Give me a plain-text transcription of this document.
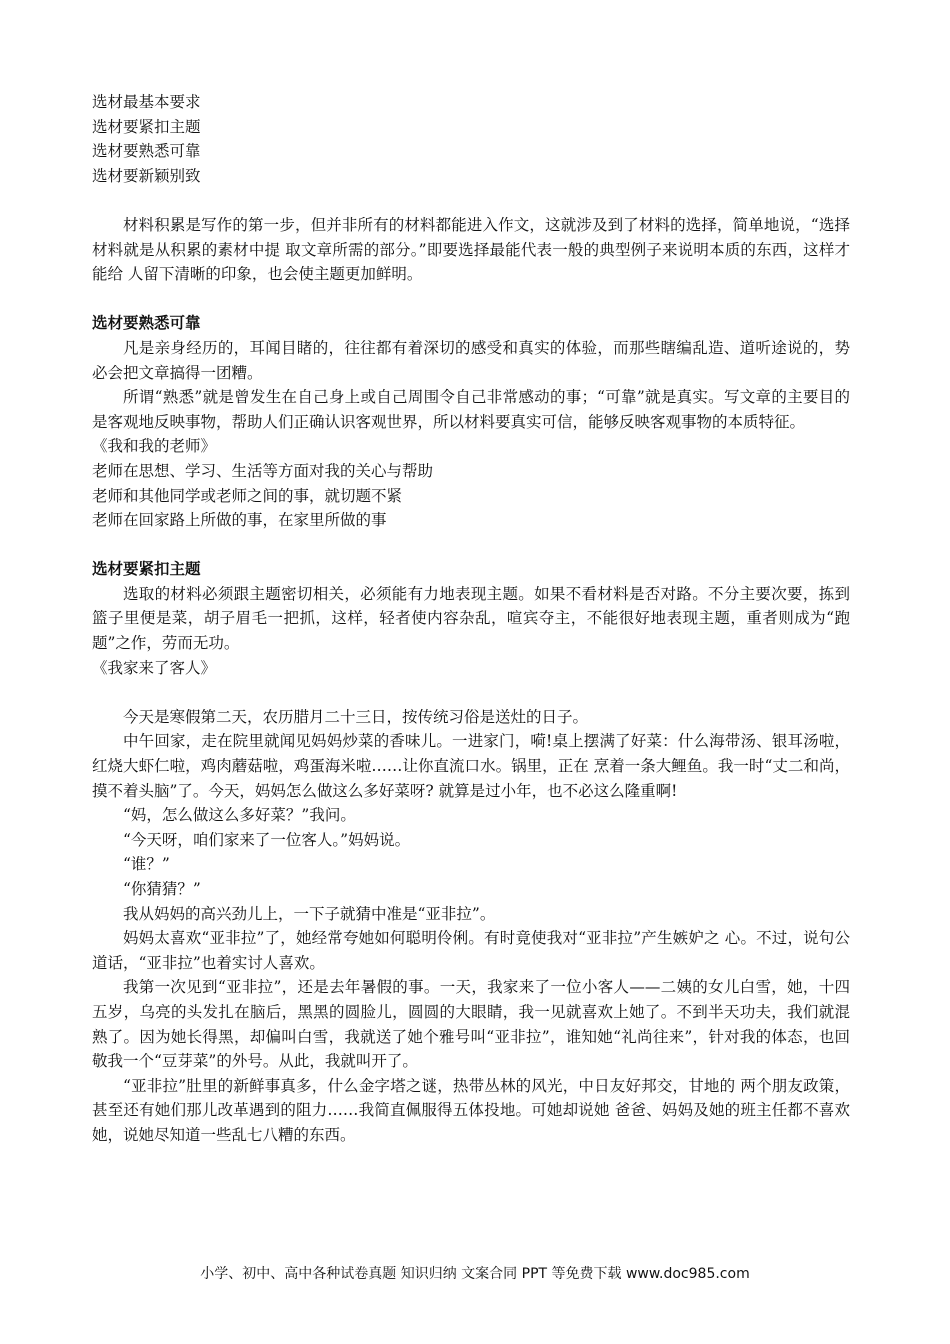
选材最基本要求

选材要紧扣主题

选材要熟悉可靠

选材要新颖别致

材料积累是写作的第一步，但并非所有的材料都能进入作文，这就涉及到了材料的选择，简单地说，“选择材料就是从积累的素材中提 取文章所需的部分。”即要选择最能代表一般的典型例子来说明本质的东西，这样才能给 人留下清晰的印象，也会使主题更加鲜明。

选材要熟悉可靠

凡是亲身经历的，耳闻目睹的，往往都有着深切的感受和真实的体验，而那些瞎编乱造、道听途说的，势必会把文章搞得一团糟。

所谓“熟悉”就是曾发生在自己身上或自己周围令自己非常感动的事；“可靠”就是真实。写文章的主要目的是客观地反映事物，帮助人们正确认识客观世界，所以材料要真实可信，能够反映客观事物的本质特征。

《我和我的老师》

老师在思想、学习、生活等方面对我的关心与帮助

老师和其他同学或老师之间的事，就切题不紧

老师在回家路上所做的事，在家里所做的事

选材要紧扣主题

选取的材料必须跟主题密切相关，必须能有力地表现主题。如果不看材料是否对路。不分主要次要，拣到篮子里便是菜，胡子眉毛一把抓，这样，轻者使内容杂乱，喧宾夺主，不能很好地表现主题，重者则成为“跑题”之作，劳而无功。

《我家来了客人》

今天是寒假第二天，农历腊月二十三日，按传统习俗是送灶的日子。

中午回家，走在院里就闻见妈妈炒菜的香味儿。一进家门，嗬!桌上摆满了好菜：什么海带汤、银耳汤啦，红烧大虾仁啦，鸡肉蘑菇啦，鸡蛋海米啦……让你直流口水。锅里，正在 烹着一条大鲤鱼。我一时“丈二和尚，摸不着头脑”了。今天，妈妈怎么做这么多好菜呀? 就算是过小年，也不必这么隆重啊!

“妈，怎么做这么多好菜？”我问。

“今天呀，咱们家来了一位客人。”妈妈说。

“谁？”

“你猜猜？”

我从妈妈的高兴劲儿上，一下子就猜中准是“亚非拉”。

妈妈太喜欢“亚非拉”了，她经常夸她如何聪明伶俐。有时竟使我对“亚非拉”产生嫉妒之 心。不过，说句公道话，“亚非拉”也着实讨人喜欢。

我第一次见到“亚非拉”，还是去年暑假的事。一天，我家来了一位小客人——二姨的女儿白雪，她，十四五岁，乌亮的头发扎在脑后，黑黑的圆脸儿，圆圆的大眼睛，我一见就喜欢上她了。不到半天功夫，我们就混熟了。因为她长得黑，却偏叫白雪，我就送了她个雅号叫“亚非拉”，谁知她“礼尚往来”，针对我的体态，也回敬我一个“豆芽菜”的外号。从此，我就叫开了。

“亚非拉”肚里的新鲜事真多，什么金字塔之谜，热带丛林的风光，中日友好邦交，甘地的 两个朋友政策，甚至还有她们那儿改革遇到的阻力……我简直佩服得五体投地。可她却说她 爸爸、妈妈及她的班主任都不喜欢她，说她尽知道一些乱七八糟的东西。

小学、初中、高中各种试卷真题 知识归纳 文案合同 PPT 等免费下载 www.doc985.com
